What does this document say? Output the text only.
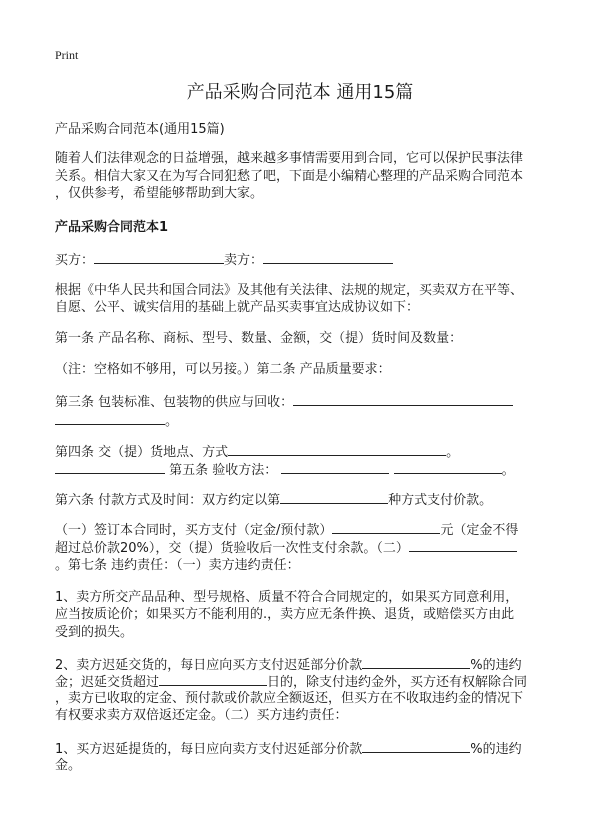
Print
产品采购合同范本 通用15篇
产品采购合同范本(通用15篇)
随着人们法律观念的日益增强，越来越多事情需要用到合同，它可以保护民事法律
关系。相信大家又在为写合同犯愁了吧，下面是小编精心整理的产品采购合同范本
，仅供参考，希望能够帮助到大家。
产品采购合同范本1
买方：	卖方：
根据《中华人民共和国合同法》及其他有关法律、法规的规定，买卖双方在平等、
自愿、公平、诚实信用的基础上就产品买卖事宜达成协议如下：
第一条 产品名称、商标、型号、数量、金额，交（提）货时间及数量：
（注：空格如不够用，可以另接。）第二条 产品质量要求：
第三条 包装标准、包装物的供应与回收：
。
第四条 交（提）货地点、方式	。
第五条 验收方法：	。
第六条 付款方式及时间：双方约定以第	种方式支付价款。
（一）签订本合同时，买方支付（定金/预付款）	元（定金不得
超过总价款20%），交（提）货验收后一次性支付余款。（二）
。第七条 违约责任：（一）卖方违约责任：
1、卖方所交产品品种、型号规格、质量不符合合同规定的，如果买方同意利用，
应当按质论价；如果买方不能利用的.，卖方应无条件换、退货，或赔偿买方由此
受到的损失。
2、卖方迟延交货的，每日应向买方支付迟延部分价款	%的违约
金；迟延交货超过	日的，除支付违约金外，买方还有权解除合同
，卖方已收取的定金、预付款或价款应全额返还，但买方在不收取违约金的情况下
有权要求卖方双倍返还定金。（二）买方违约责任：
1、买方迟延提货的，每日应向卖方支付迟延部分价款	%的违约
金。
